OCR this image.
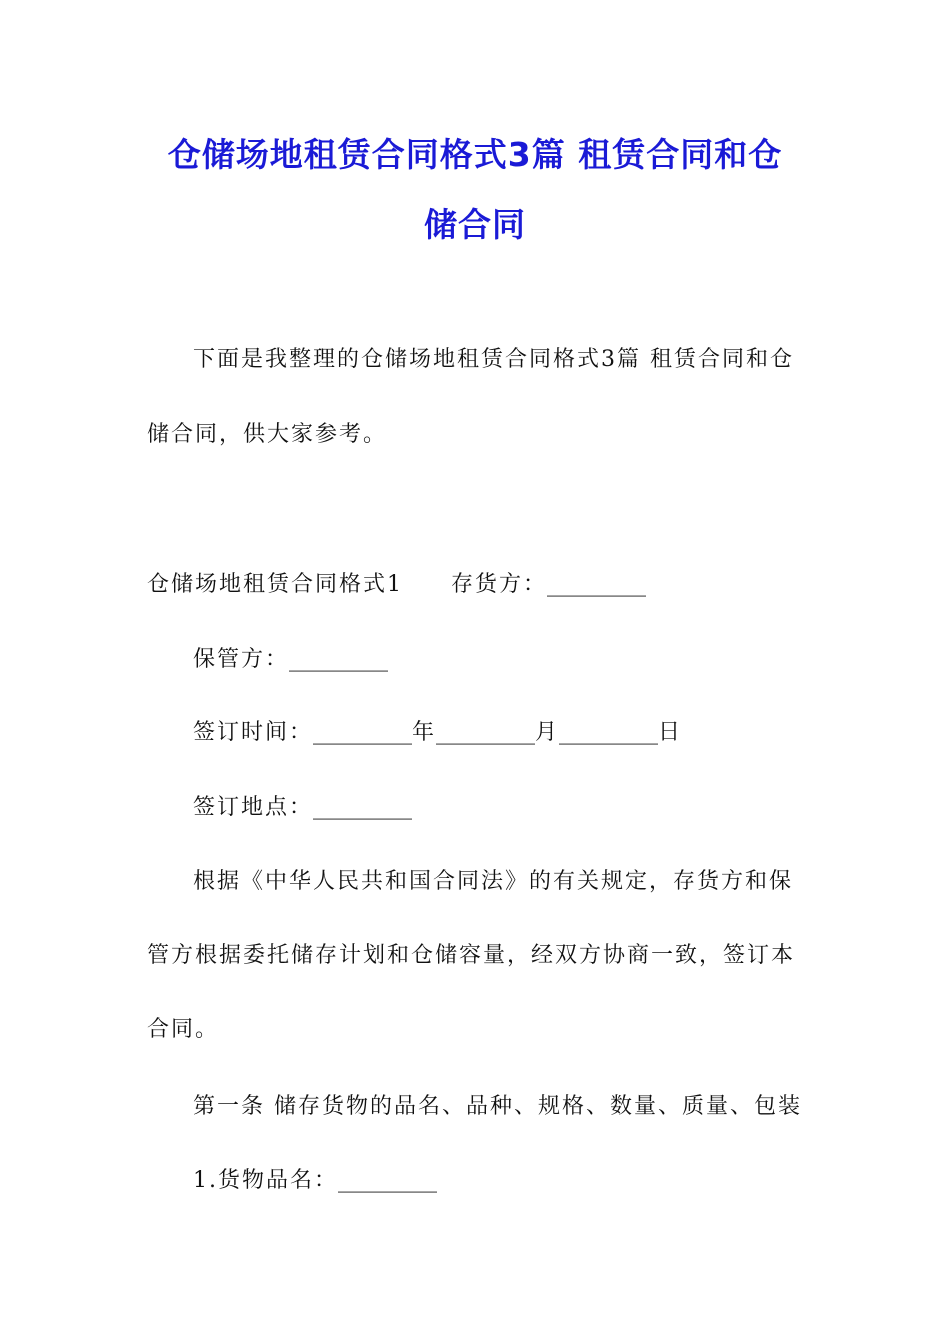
仓储场地租赁合同格式3篇 租赁合同和仓
储合同
下面是我整理的仓储场地租赁合同格式3篇 租赁合同和仓
储合同，供大家参考。
仓储场地租赁合同格式1 存货方：_________
保管方：_________
签订时间：_________年_________月_________日
签订地点：_________
根据《中华人民共和国合同法》的有关规定，存货方和保
管方根据委托储存计划和仓储容量，经双方协商一致，签订本
合同。
第一条 储存货物的品名、品种、规格、数量、质量、包装
1.货物品名：_________
